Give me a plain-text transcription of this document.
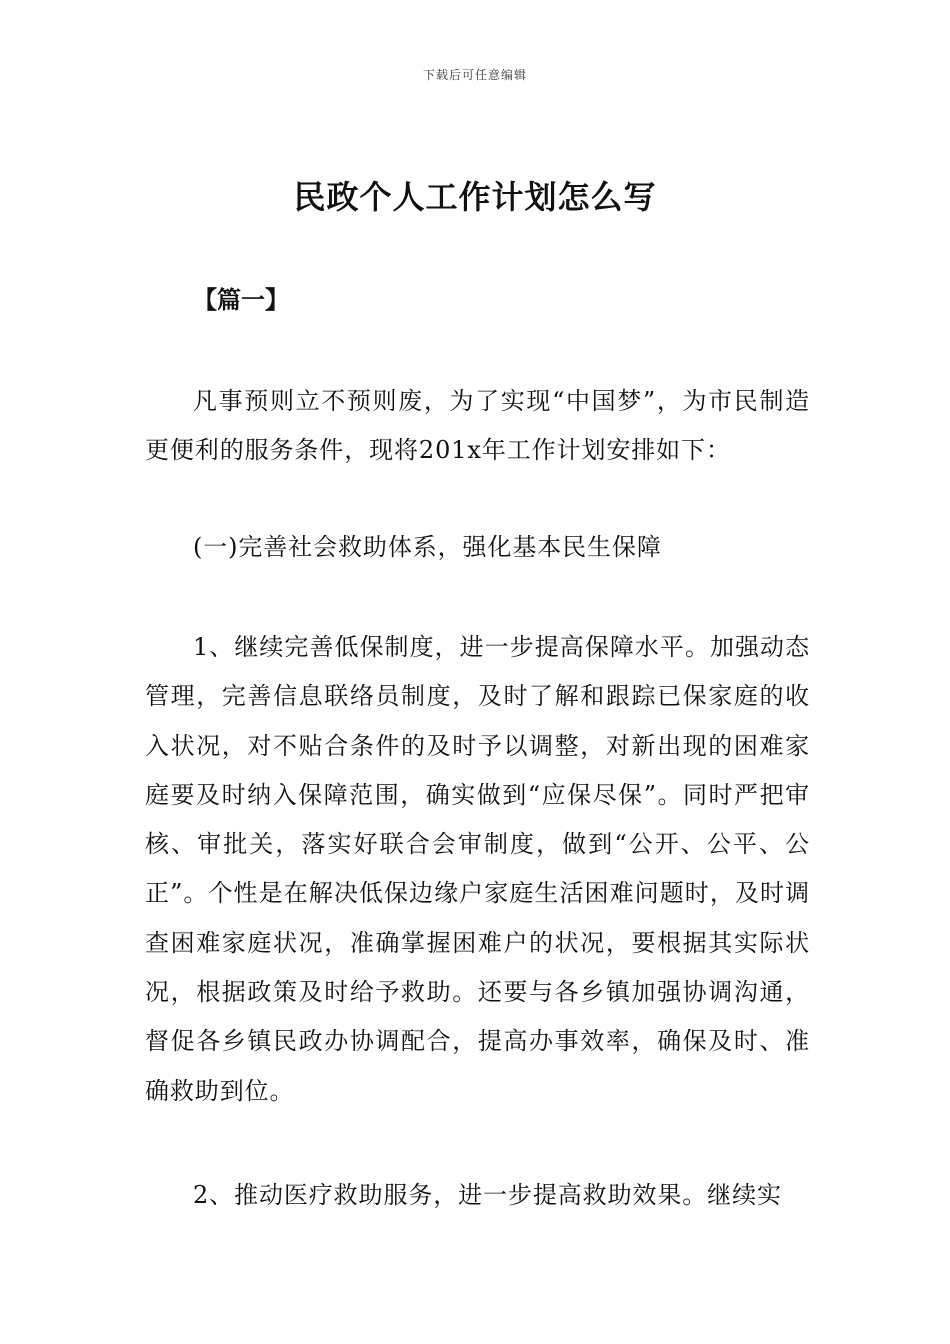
下载后可任意编辑
民政个人工作计划怎么写
【篇一】

凡事预则立不预则废，为了实现“中国梦”，为市民制造更便利的服务条件，现将201x年工作计划安排如下：

(一)完善社会救助体系，强化基本民生保障

1、继续完善低保制度，进一步提高保障水平。加强动态管理，完善信息联络员制度，及时了解和跟踪已保家庭的收入状况，对不贴合条件的及时予以调整，对新出现的困难家庭要及时纳入保障范围，确实做到“应保尽保”。同时严把审核、审批关，落实好联合会审制度，做到“公开、公平、公正”。个性是在解决低保边缘户家庭生活困难问题时，及时调查困难家庭状况，准确掌握困难户的状况，要根据其实际状况，根据政策及时给予救助。还要与各乡镇加强协调沟通，督促各乡镇民政办协调配合，提高办事效率，确保及时、准确救助到位。

2、推动医疗救助服务，进一步提高救助效果。继续实
